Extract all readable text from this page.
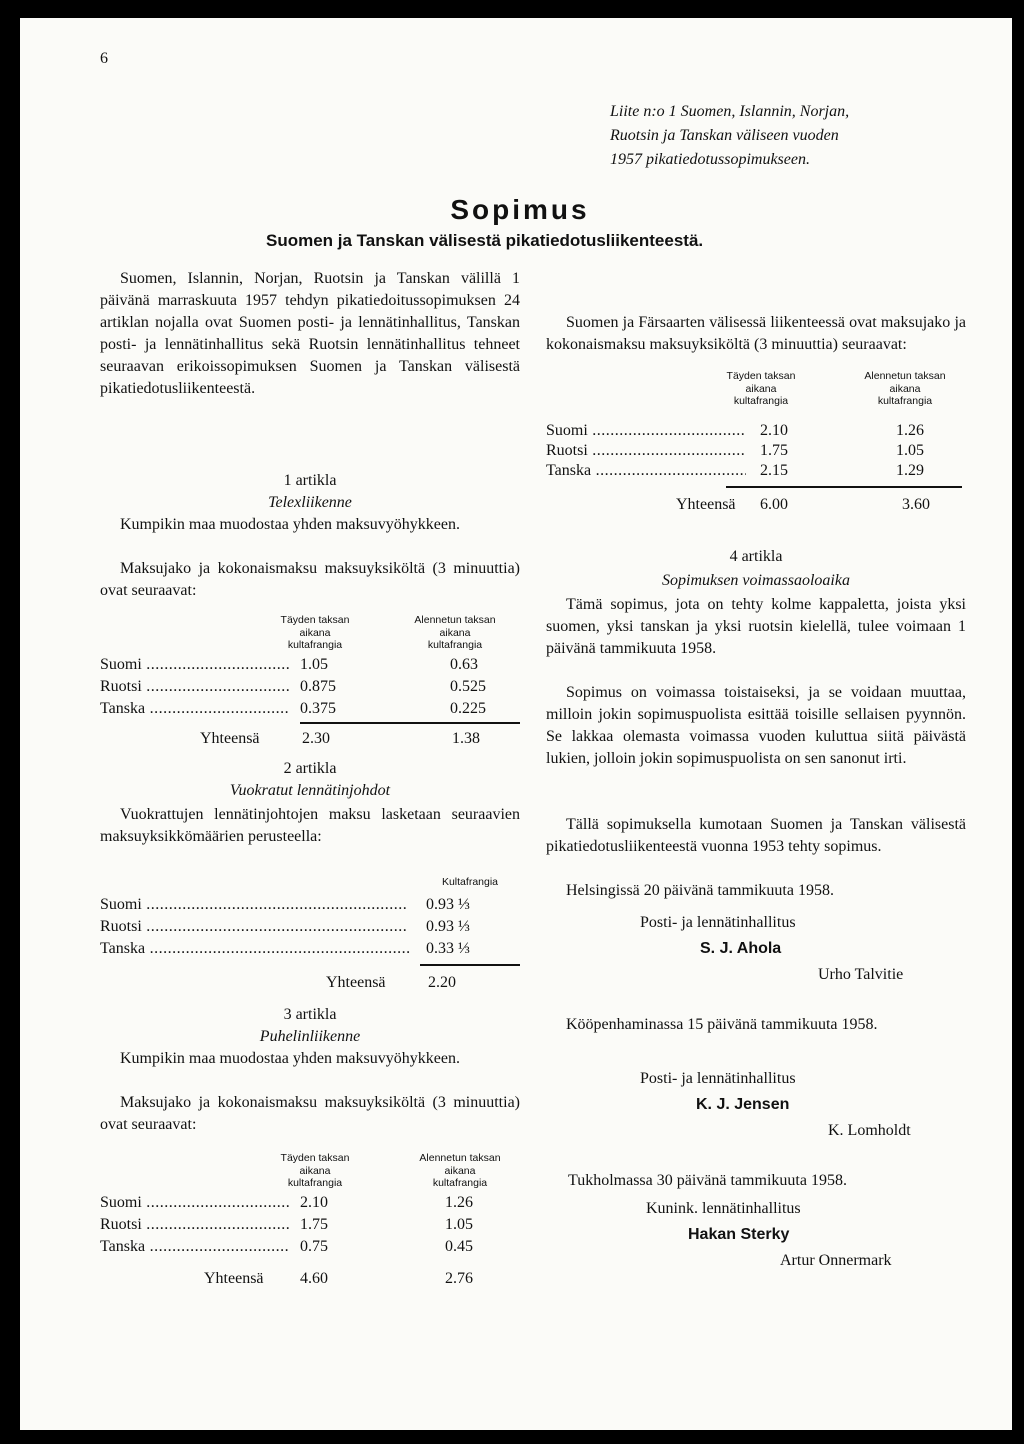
6
Liite n:o 1 Suomen, Islannin, Norjan,
Ruotsin ja Tanskan väliseen vuoden
1957 pikatiedotussopimukseen.
Sopimus
Suomen ja Tanskan välisestä pikatiedotusliikenteestä.
Suomen, Islannin, Norjan, Ruotsin ja Tanskan välillä 1 päivänä marraskuuta 1957 tehdyn pikatiedoitussopimuksen 24 artiklan nojalla ovat Suomen posti- ja lennätinhallitus, Tanskan posti- ja lennätinhallitus sekä Ruotsin lennätinhallitus tehneet seuraavan erikoissopimuksen Suomen ja Tanskan välisestä pikatiedotusliikenteestä.
1 artikla
Telexliikenne
Kumpikin maa muodostaa yhden maksuvyöhykkeen.
Maksujako ja kokonaismaksu maksuyksiköltä (3 minuuttia) ovat seuraavat:
Täyden taksan
aikana
kultafrangia
Alennetun taksan
aikana
kultafrangia
Suomi .....	1.05	0.63
Ruotsi .....	0.875	0.525
Tanska .....	0.375	0.225
Yhteensä	2.30	1.38
2 artikla
Vuokratut lennätinjohdot
Vuokrattujen lennätinjohtojen maksu lasketaan seuraavien maksuyksikkömäärien perusteella:
Kultafrangia
Suomi .....	0.93 ⅓
Ruotsi .....	0.93 ⅓
Tanska .....	0.33 ⅓
Yhteensä	2.20
3 artikla
Puhelinliikenne
Kumpikin maa muodostaa yhden maksuvyöhykkeen.
Maksujako ja kokonaismaksu maksuyksiköltä (3 minuuttia) ovat seuraavat:
Täyden taksan
aikana
kultafrangia
Alennetun taksan
aikana
kultafrangia
Suomi .....	2.10	1.26
Ruotsi .....	1.75	1.05
Tanska .....	0.75	0.45
Yhteensä	4.60	2.76
Suomen ja Färsaarten välisessä liikenteessä ovat maksujako ja kokonaismaksu maksuyksiköltä (3 minuuttia) seuraavat:
Täyden taksan
aikana
kultafrangia
Alennetun taksan
aikana
kultafrangia
Suomi .....	2.10	1.26
Ruotsi .....	1.75	1.05
Tanska .....	2.15	1.29
Yhteensä	6.00	3.60
4 artikla
Sopimuksen voimassaoloaika
Tämä sopimus, jota on tehty kolme kappaletta, joista yksi suomen, yksi tanskan ja yksi ruotsin kielellä, tulee voimaan 1 päivänä tammikuuta 1958.
Sopimus on voimassa toistaiseksi, ja se voidaan muuttaa, milloin jokin sopimuspuolista esittää toisille sellaisen pyynnön. Se lakkaa olemasta voimassa vuoden kuluttua siitä päivästä lukien, jolloin jokin sopimuspuolista on sen sanonut irti.
Tällä sopimuksella kumotaan Suomen ja Tanskan välisestä pikatiedotusliikenteestä vuonna 1953 tehty sopimus.
Helsingissä 20 päivänä tammikuuta 1958.
Posti- ja lennätinhallitus
S. J. Ahola
Urho Talvitie
Kööpenhaminassa 15 päivänä tammikuuta 1958.
Posti- ja lennätinhallitus
K. J. Jensen
K. Lomholdt
Tukholmassa 30 päivänä tammikuuta 1958.
Kunink. lennätinhallitus
Hakan Sterky
Artur Onnermark
